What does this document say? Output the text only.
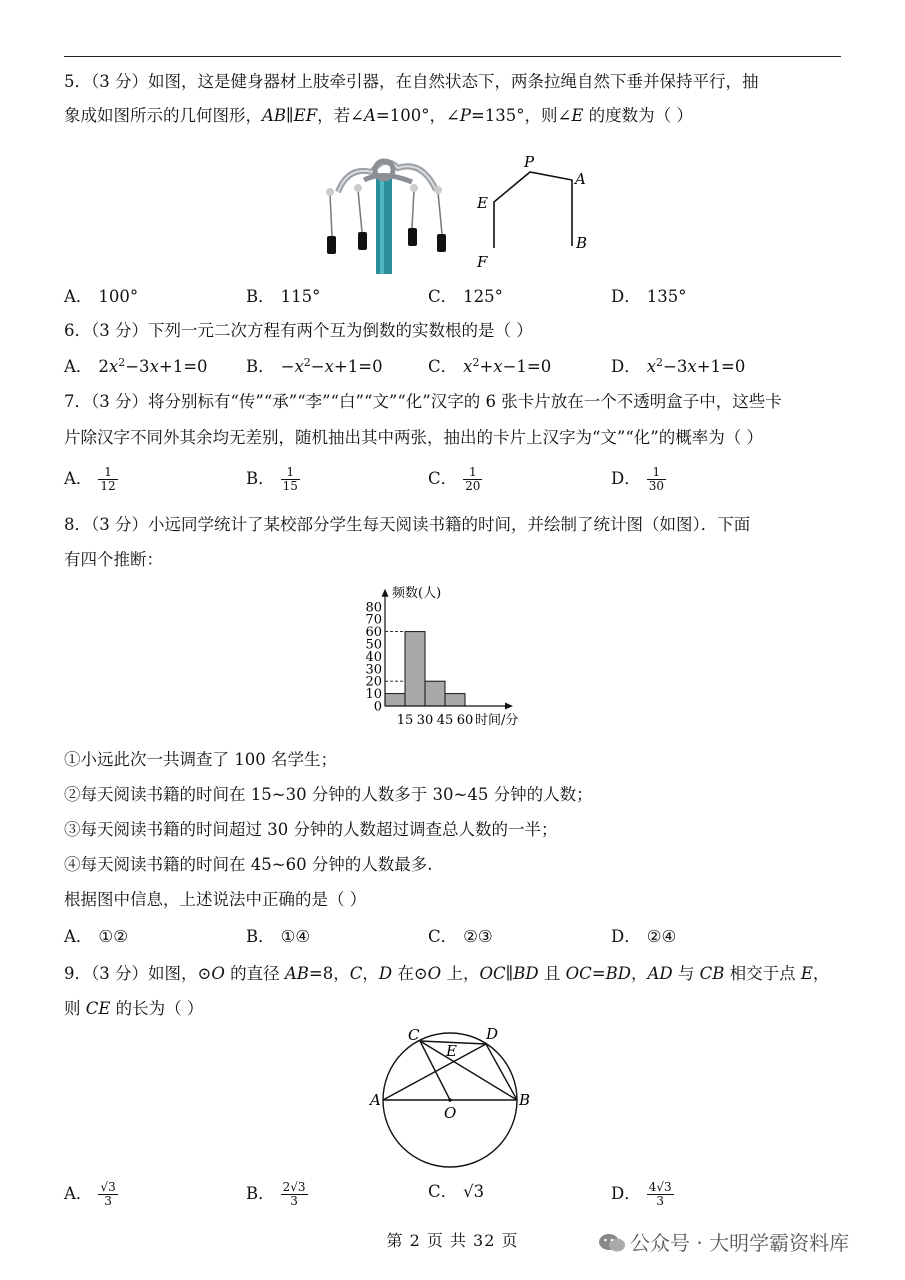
5．（3 分）如图，这是健身器材上肢牵引器，在自然状态下，两条拉绳自然下垂并保持平行，抽
象成如图所示的几何图形，AB∥EF，若∠A=100°，∠P=135°，则∠E 的度数为（ ）
P
A
E
B
F
A． 100°	B． 115°	C． 125°	D． 135°
6．（3 分）下列一元二次方程有两个互为倒数的实数根的是（ ）
A． $2x^2-3x+1=0$ B． $-x^2-x+1=0$	C． $x^2+x-1=0$	D． $x^2-3x+1=0$
7．（3 分）将分别标有“传”“承”“李”“白”“文”“化”汉字的 6 张卡片放在一个不透明盒子中，这些卡
片除汉字不同外其余均无差别，随机抽出其中两张，抽出的卡片上汉字为“文”“化”的概率为（ ）
A． $\frac{1}{12}$	B． $\frac{1}{15}$	C． $\frac{1}{20}$	D． $\frac{1}{30}$
8．（3 分）小远同学统计了某校部分学生每天阅读书籍的时间，并绘制了统计图（如图）．下面
有四个推断：
0
10
20
30
40
50
60
70
80
15 30 45 60
频数(人)
时间/分
①小远此次一共调查了 100 名学生；
②每天阅读书籍的时间在 15~30 分钟的人数多于 30~45 分钟的人数；
③每天阅读书籍的时间超过 30 分钟的人数超过调查总人数的一半；
④每天阅读书籍的时间在 45~60 分钟的人数最多.
根据图中信息，上述说法中正确的是（ ）
A． ①②	B． ①④	C． ②③	D． ②④
9．（3 分）如图，⊙O 的直径 AB=8，C，D 在⊙O 上，OC∥BD 且 OC=BD，AD 与 CB 相交于点 E，
则 CE 的长为（ ）
C	D
E
A
O
B
A． $\frac{√3}{3}$	B． $\frac{2√3}{3}$	C． √3	D． $\frac{4√3}{3}$
第 2 页 共 32 页	公众号 · 大明学霸资料库
